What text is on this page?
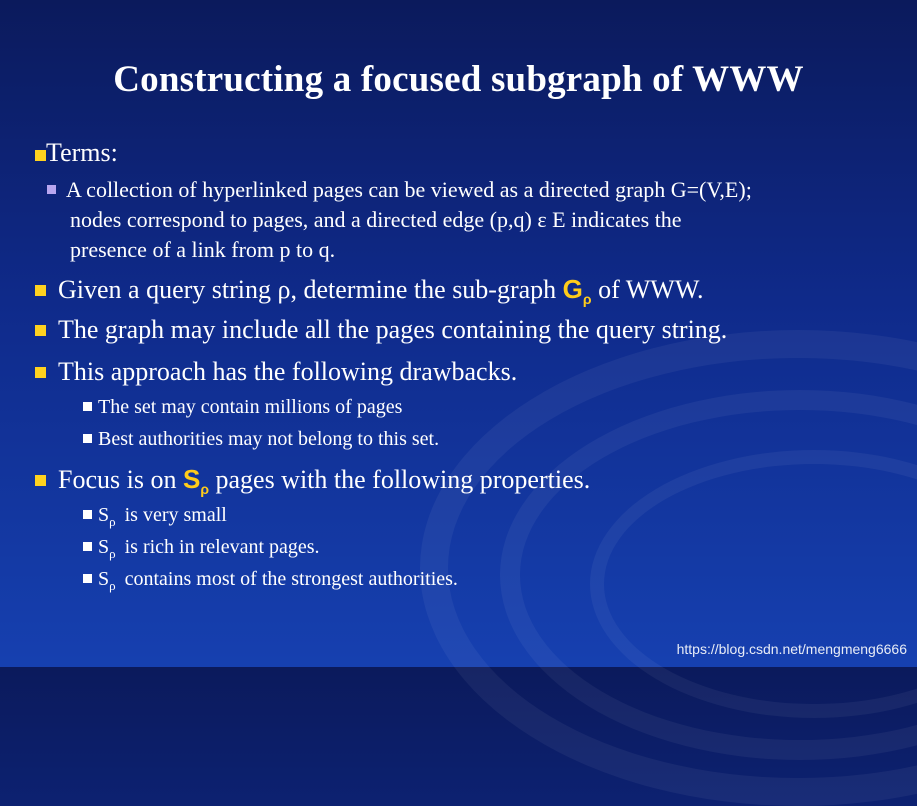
Constructing a focused subgraph of WWW
Terms:
A collection of hyperlinked pages can be viewed as a directed graph G=(V,E);
nodes correspond to pages, and a directed edge (p,q) ε E indicates the
presence of a link from p to q.
Given a query string ρ, determine the sub-graph $G_\rho$ of WWW.
The graph may include all the pages containing the query string.
This approach has the following drawbacks.
The set may contain millions of pages
Best authorities may not belong to this set.
Focus is on $S_\rho$ pages with the following properties.
$S_\rho$ is very small
$S_\rho$ is rich in relevant pages.
$S_\rho$ contains most of the strongest authorities.
https://blog.csdn.net/mengmeng6666
